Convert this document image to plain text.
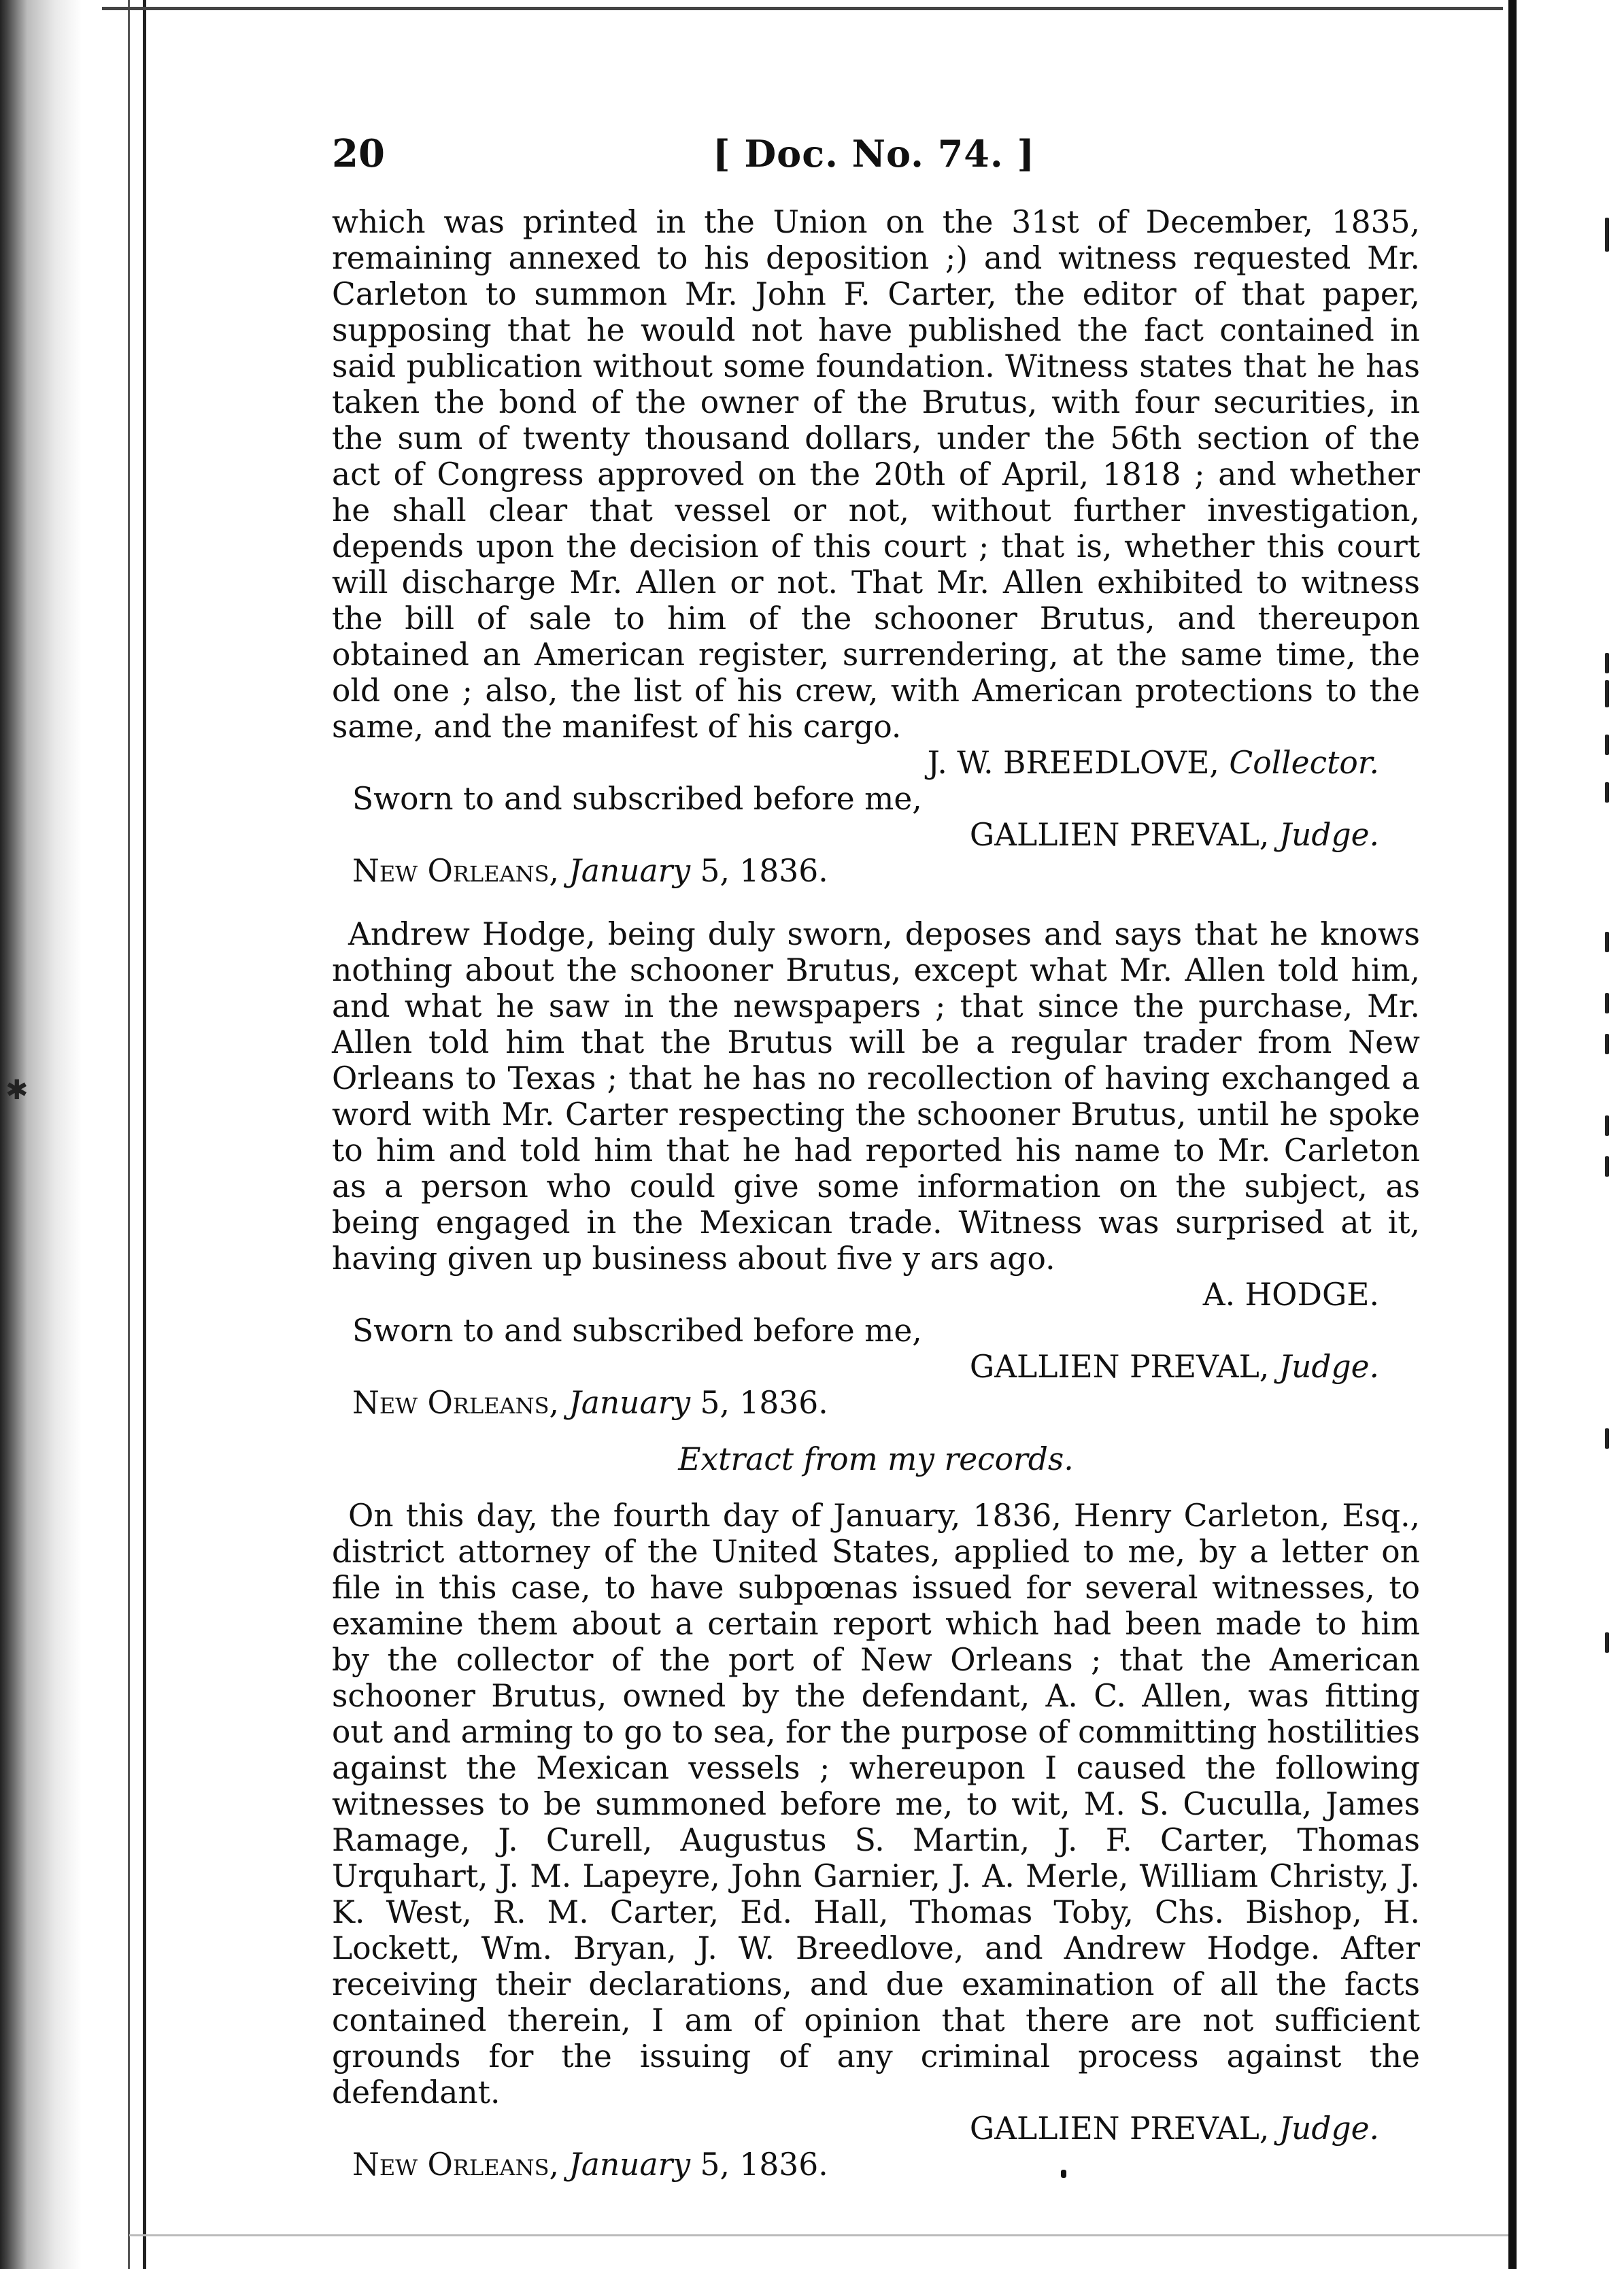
✱
20	[ Doc. No. 74. ]

which was printed in the Union on the 31st of December, 1835, remaining annexed to his deposition ;) and witness requested Mr. Carleton to summon Mr. John F. Carter, the editor of that paper, supposing that he would not have published the fact contained in said publication without some foundation. Witness states that he has taken the bond of the owner of the Brutus, with four securities, in the sum of twenty thousand dollars, under the 56th section of the act of Congress approved on the 20th of April, 1818 ; and whether he shall clear that vessel or not, without further investigation, depends upon the decision of this court ; that is, whether this court will discharge Mr. Allen or not. That Mr. Allen exhibited to witness the bill of sale to him of the schooner Brutus, and thereupon obtained an American register, surrendering, at the same time, the old one ; also, the list of his crew, with American protections to the same, and the manifest of his cargo.

J. W. BREEDLOVE, Collector.

Sworn to and subscribed before me,

GALLIEN PREVAL, Judge.

New Orleans, January 5, 1836.

Andrew Hodge, being duly sworn, deposes and says that he knows nothing about the schooner Brutus, except what Mr. Allen told him, and what he saw in the newspapers ; that since the purchase, Mr. Allen told him that the Brutus will be a regular trader from New Orleans to Texas ; that he has no recollection of having exchanged a word with Mr. Carter respecting the schooner Brutus, until he spoke to him and told him that he had reported his name to Mr. Carleton as a person who could give some information on the subject, as being engaged in the Mexican trade. Witness was surprised at it, having given up business about five y ars ago.

A. HODGE.

Sworn to and subscribed before me,

GALLIEN PREVAL, Judge.

New Orleans, January 5, 1836.

Extract from my records.

On this day, the fourth day of January, 1836, Henry Carleton, Esq., district attorney of the United States, applied to me, by a letter on file in this case, to have subpœnas issued for several witnesses, to examine them about a certain report which had been made to him by the collector of the port of New Orleans ; that the American schooner Brutus, owned by the defendant, A. C. Allen, was fitting out and arming to go to sea, for the purpose of committing hostilities against the Mexican vessels ; whereupon I caused the following witnesses to be summoned before me, to wit, M. S. Cuculla, James Ramage, J. Curell, Augustus S. Martin, J. F. Carter, Thomas Urquhart, J. M. Lapeyre, John Garnier, J. A. Merle, William Christy, J. K. West, R. M. Carter, Ed. Hall, Thomas Toby, Chs. Bishop, H. Lockett, Wm. Bryan, J. W. Breedlove, and Andrew Hodge. After receiving their declarations, and due examination of all the facts contained therein, I am of opinion that there are not sufficient grounds for the issuing of any criminal process against the defendant.

GALLIEN PREVAL, Judge.

New Orleans, January 5, 1836.
